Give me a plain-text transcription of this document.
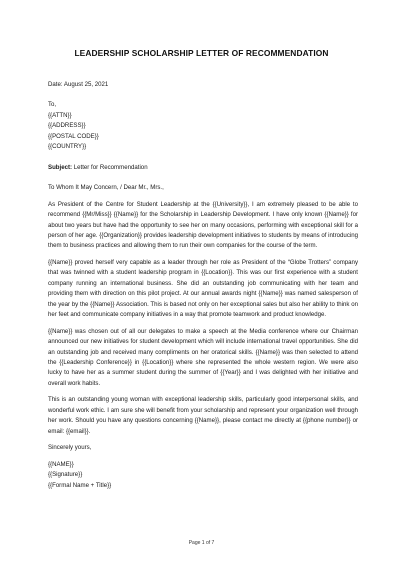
LEADERSHIP SCHOLARSHIP LETTER OF RECOMMENDATION
Date: August 25, 2021
To,
{{ATTN}}
{{ADDRESS}}
{{POSTAL CODE}}
{{COUNTRY}}
Subject: Letter for Recommendation
To Whom It May Concern, / Dear Mr., Mrs.,

As President of the Centre for Student Leadership at the {{University}}, I am extremely pleased to be able to recommend {{Mr/Miss}} {{Name}} for the Scholarship in Leadership Development. I have only known {{Name}} for about two years but have had the opportunity to see her on many occasions, performing with exceptional skill for a person of her age. {{Organization}} provides leadership development initiatives to students by means of introducing them to business practices and allowing them to run their own companies for the course of the term.

{{Name}} proved herself very capable as a leader through her role as President of the “Globe Trotters” company that was twinned with a student leadership program in {{Location}}. This was our first experience with a student company running an international business. She did an outstanding job communicating with her team and providing them with direction on this pilot project. At our annual awards night {{Name}} was named salesperson of the year by the {{Name}} Association. This is based not only on her exceptional sales but also her ability to think on her feet and communicate company initiatives in a way that promote teamwork and product knowledge.

{{Name}} was chosen out of all our delegates to make a speech at the Media conference where our Chairman announced our new initiatives for student development which will include international travel opportunities. She did an outstanding job and received many compliments on her oratorical skills. {{Name}} was then selected to attend the {{Leadership Conference}} in {{Location}} where she represented the whole western region. We were also lucky to have her as a summer student during the summer of {{Year}} and I was delighted with her initiative and overall work habits.

This is an outstanding young woman with exceptional leadership skills, particularly good interpersonal skills, and wonderful work ethic. I am sure she will benefit from your scholarship and represent your organization well through her work. Should you have any questions concerning {{Name}}, please contact me directly at {{phone number}} or email: {{email}}.

Sincerely yours,
{{NAME}}
{{Signature}}
{{Formal Name + Title}}
Page 1 of 7
